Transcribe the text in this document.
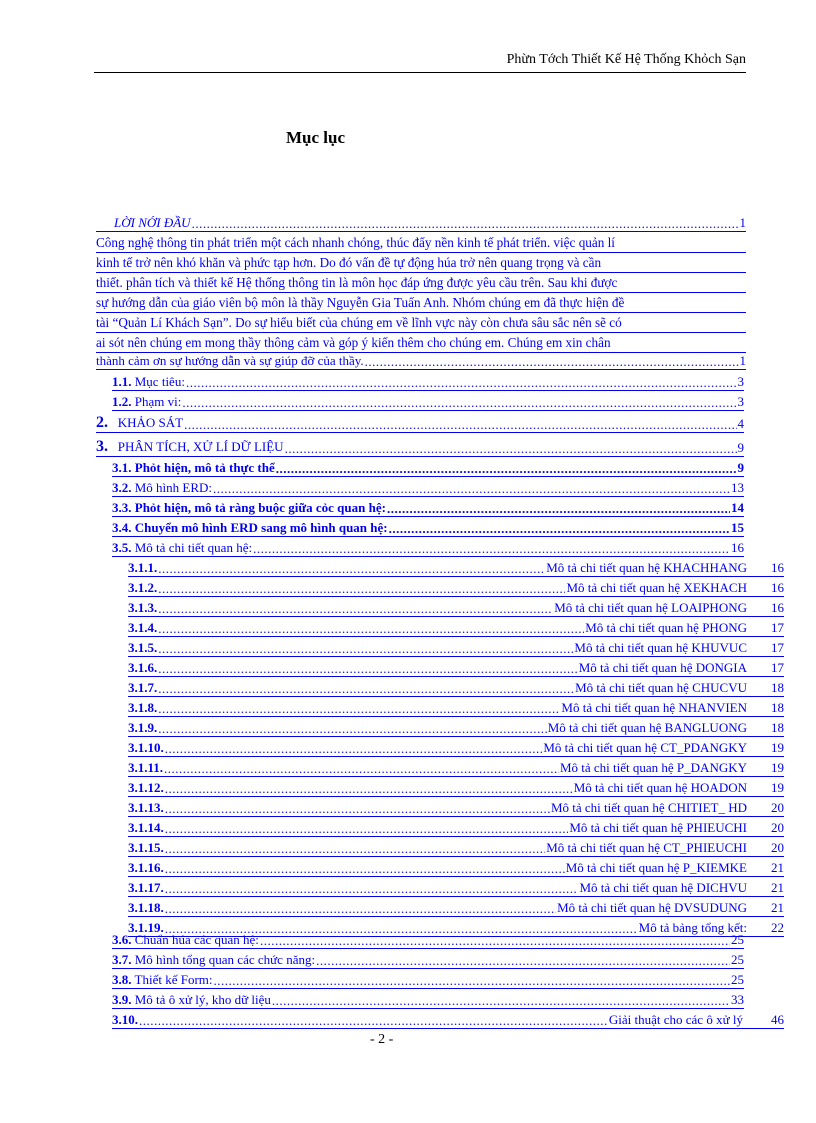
Phừn Tớch Thiết Kế Hệ Thống Khỏch Sạn
Mục lục
LỜI NỚI ĐẦU .....	1
Công nghệ thông tin phát triển một cách nhanh chóng, thúc đẩy nền kinh tế phát triển. việc quản lí
kinh tế trở nên khó khăn và phức tạp hơn. Do đó vấn đề tự động húa trở nên quang trọng và cần
thiết. phân tích và thiết kế Hệ thống thông tin là môn học đáp ứng được yêu cầu trên. Sau khi được
sự hướng dẫn của giáo viên bộ môn là thầy Nguyễn Gia Tuấn Anh. Nhóm chúng em đã thực hiện đề
tài “Quản Lí Khách Sạn”. Do sự hiểu biết của chúng em về lĩnh vực này còn chưa sâu sắc nên sẽ có
ai sót nên chúng em mong thầy thông cảm và góp ý kiến thêm cho chúng em. Chúng em xin chân
thành cảm ơn sự hướng dẫn và sự giúp đỡ của thầy. .....	1
1.1. Mục tiêu: .....	3
1.2. Phạm vi: .....	3
2. KHẢO SÁT .....	4
3. PHÂN TÍCH, XỬ LÍ DỮ LIỆU .....	9
3.1. Phỏt hiện, mô tả thực thể .....	9
3.2. Mô hình ERD: .....	13
3.3. Phỏt hiện, mô tả ràng buộc giữa cỏc quan hệ: .....	14
3.4. Chuyển mô hình ERD sang mô hình quan hệ: .....	15
3.5. Mô tả chi tiết quan hệ: .....	16
3.1.1. .....	Mô tả chi tiết quan hệ KHACHHANG 16
3.1.2. .....	Mô tả chi tiết quan hệ XEKHACH 16
3.1.3. .....	Mô tả chi tiết quan hệ LOAIPHONG 16
3.1.4. .....	Mô tả chi tiết quan hệ PHONG 17
3.1.5. .....	Mô tả chi tiết quan hệ KHUVUC 17
3.1.6. .....	Mô tả chi tiết quan hệ DONGIA 17
3.1.7. .....	Mô tả chi tiết quan hệ CHUCVU 18
3.1.8. .....	Mô tả chi tiết quan hệ NHANVIEN 18
3.1.9. .....	Mô tả chi tiết quan hệ BANGLUONG 18
3.1.10. .....	Mô tả chi tiết quan hệ CT_PDANGKY 19
3.1.11. .....	Mô tả chi tiết quan hệ P_DANGKY 19
3.1.12. .....	Mô tả chi tiết quan hệ HOADON 19
3.1.13. .....	Mô tả chi tiết quan hệ CHITIET_ HD 20
3.1.14. .....	Mô tả chi tiết quan hệ PHIEUCHI 20
3.1.15. .....	Mô tả chi tiết quan hệ CT_PHIEUCHI 20
3.1.16. .....	Mô tả chi tiết quan hệ P_KIEMKE 21
3.1.17. .....	Mô tả chi tiết quan hệ DICHVU 21
3.1.18. .....	Mô tả chi tiết quan hệ DVSUDUNG 21
3.1.19. .....	Mô tả bảng tổng kết: 22
3.6. Chuẩn húa các quan hệ: .....	25
3.7. Mô hình tổng quan các chức năng: .....	25
3.8. Thiết kế Form: .....	25
3.9. Mô tả ô xử lý, kho dữ liệu .....	33
3.10. .....	Giải thuật cho các ô xử lý 46
- 2 -
